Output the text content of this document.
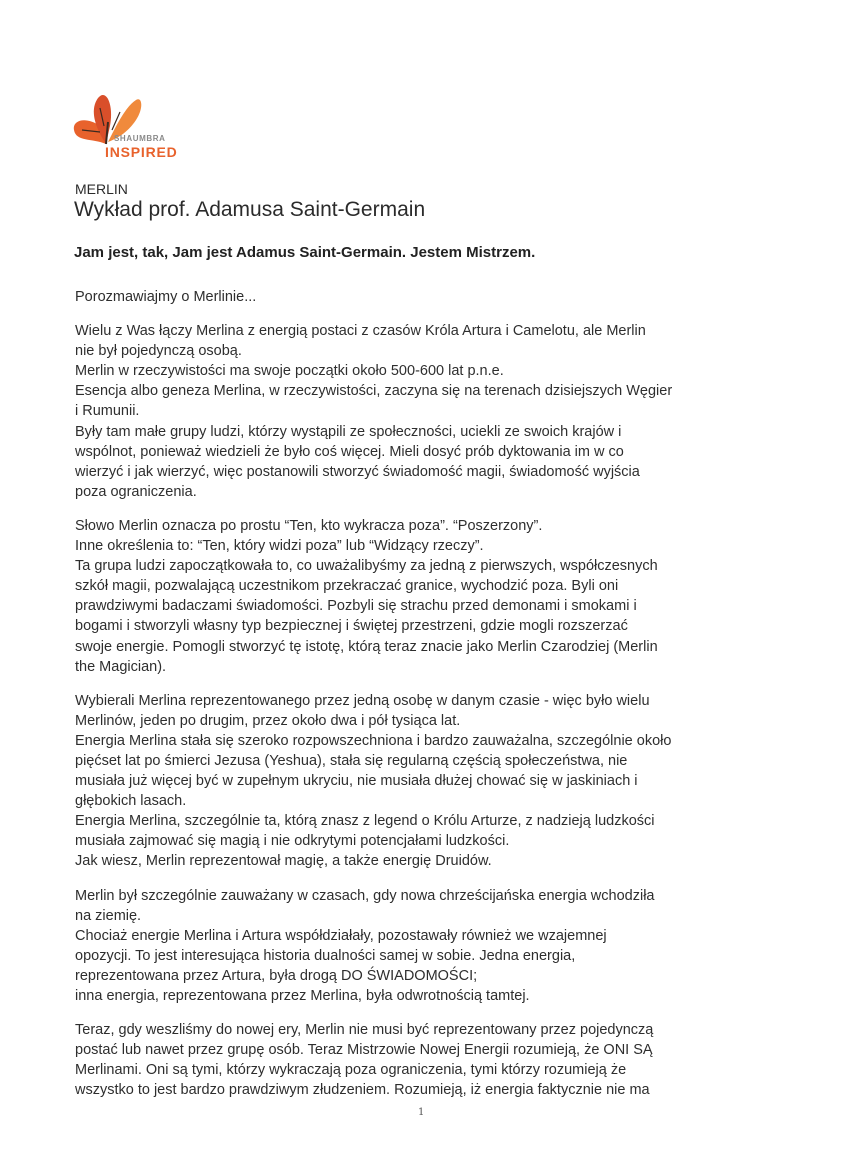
SHAUMBRA
INSPIRED
MERLIN
Wykład prof. Adamusa Saint-Germain
Jam jest, tak, Jam jest Adamus Saint-Germain. Jestem Mistrzem.

Porozmawiajmy o Merlinie...

Wielu z Was łączy Merlina z energią postaci z czasów Króla Artura i Camelotu, ale Merlin
nie był pojedynczą osobą.
Merlin w rzeczywistości ma swoje początki około 500-600 lat p.n.e.
Esencja albo geneza Merlina, w rzeczywistości, zaczyna się na terenach dzisiejszych Węgier
i Rumunii.
Były tam małe grupy ludzi, którzy wystąpili ze społeczności, uciekli ze swoich krajów i
wspólnot, ponieważ wiedzieli że było coś więcej. Mieli dosyć prób dyktowania im w co
wierzyć i jak wierzyć, więc postanowili stworzyć świadomość magii, świadomość wyjścia
poza ograniczenia.

Słowo Merlin oznacza po prostu “Ten, kto wykracza poza”. “Poszerzony”.
Inne określenia to: “Ten, który widzi poza” lub “Widzący rzeczy”.
Ta grupa ludzi zapoczątkowała to, co uważalibyśmy za jedną z pierwszych, współczesnych
szkół magii, pozwalającą uczestnikom przekraczać granice, wychodzić poza. Byli oni
prawdziwymi badaczami świadomości. Pozbyli się strachu przed demonami i smokami i
bogami i stworzyli własny typ bezpiecznej i świętej przestrzeni, gdzie mogli rozszerzać
swoje energie. Pomogli stworzyć tę istotę, którą teraz znacie jako Merlin Czarodziej (Merlin
the Magician).

Wybierali Merlina reprezentowanego przez jedną osobę w danym czasie - więc było wielu
Merlinów, jeden po drugim, przez około dwa i pół tysiąca lat.
Energia Merlina stała się szeroko rozpowszechniona i bardzo zauważalna, szczególnie około
pięćset lat po śmierci Jezusa (Yeshua), stała się regularną częścią społeczeństwa, nie
musiała już więcej być w zupełnym ukryciu, nie musiała dłużej chować się w jaskiniach i
głębokich lasach.
Energia Merlina, szczególnie ta, którą znasz z legend o Królu Arturze, z nadzieją ludzkości
musiała zajmować się magią i nie odkrytymi potencjałami ludzkości.
Jak wiesz, Merlin reprezentował magię, a także energię Druidów.

Merlin był szczególnie zauważany w czasach, gdy nowa chrześcijańska energia wchodziła
na ziemię.
Chociaż energie Merlina i Artura współdziałały, pozostawały również we wzajemnej
opozycji. To jest interesująca historia dualności samej w sobie. Jedna energia,
reprezentowana przez Artura, była drogą DO ŚWIADOMOŚCI;
inna energia, reprezentowana przez Merlina, była odwrotnością tamtej.

Teraz, gdy weszliśmy do nowej ery, Merlin nie musi być reprezentowany przez pojedynczą
postać lub nawet przez grupę osób. Teraz Mistrzowie Nowej Energii rozumieją, że ONI SĄ
Merlinami. Oni są tymi, którzy wykraczają poza ograniczenia, tymi którzy rozumieją że
wszystko to jest bardzo prawdziwym złudzeniem. Rozumieją, iż energia faktycznie nie ma

1
